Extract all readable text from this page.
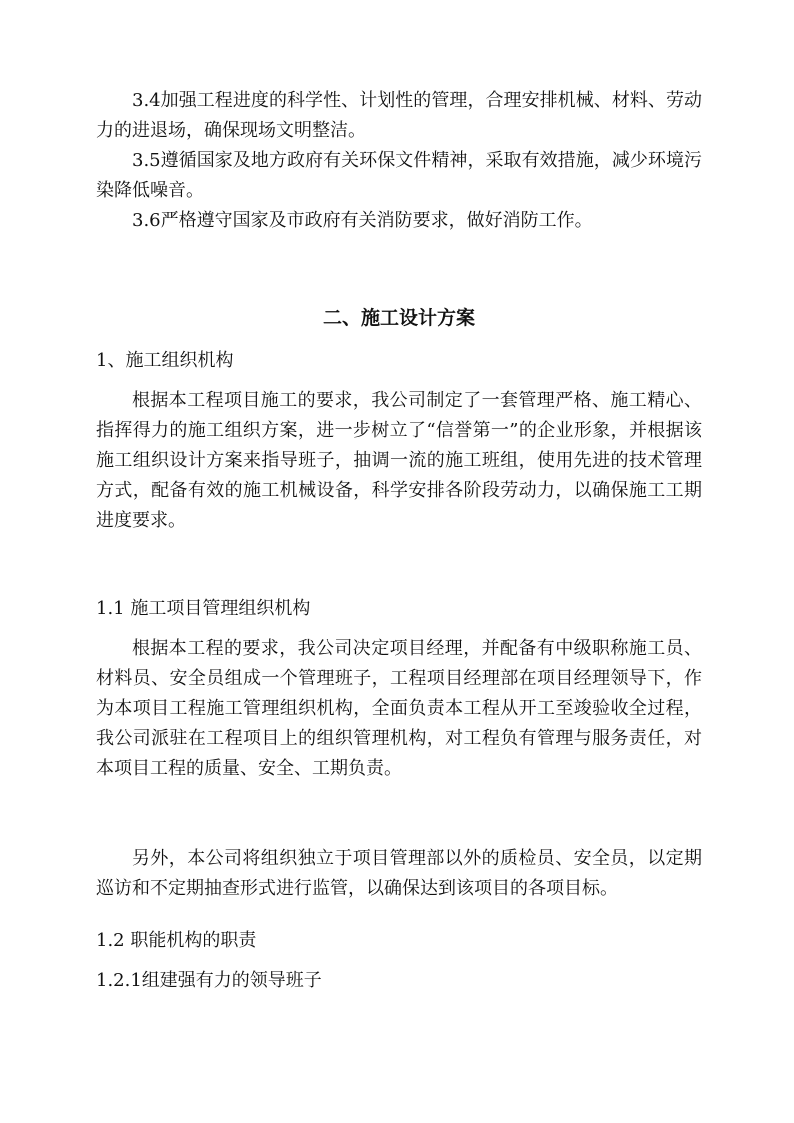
3.4加强工程进度的科学性、计划性的管理，合理安排机械、材料、劳动力的进退场，确保现场文明整洁。

3.5遵循国家及地方政府有关环保文件精神，采取有效措施，减少环境污染降低噪音。

3.6严格遵守国家及市政府有关消防要求，做好消防工作。

二、施工设计方案

1、施工组织机构

根据本工程项目施工的要求，我公司制定了一套管理严格、施工精心、指挥得力的施工组织方案，进一步树立了“信誉第一”的企业形象，并根据该施工组织设计方案来指导班子，抽调一流的施工班组，使用先进的技术管理方式，配备有效的施工机械设备，科学安排各阶段劳动力，以确保施工工期进度要求。

1.1 施工项目管理组织机构

根据本工程的要求，我公司决定项目经理，并配备有中级职称施工员、材料员、安全员组成一个管理班子，工程项目经理部在项目经理领导下，作为本项目工程施工管理组织机构，全面负责本工程从开工至竣验收全过程，我公司派驻在工程项目上的组织管理机构，对工程负有管理与服务责任，对本项目工程的质量、安全、工期负责。

另外，本公司将组织独立于项目管理部以外的质检员、安全员，以定期巡访和不定期抽查形式进行监管，以确保达到该项目的各项目标。

1.2 职能机构的职责

1.2.1组建强有力的领导班子
